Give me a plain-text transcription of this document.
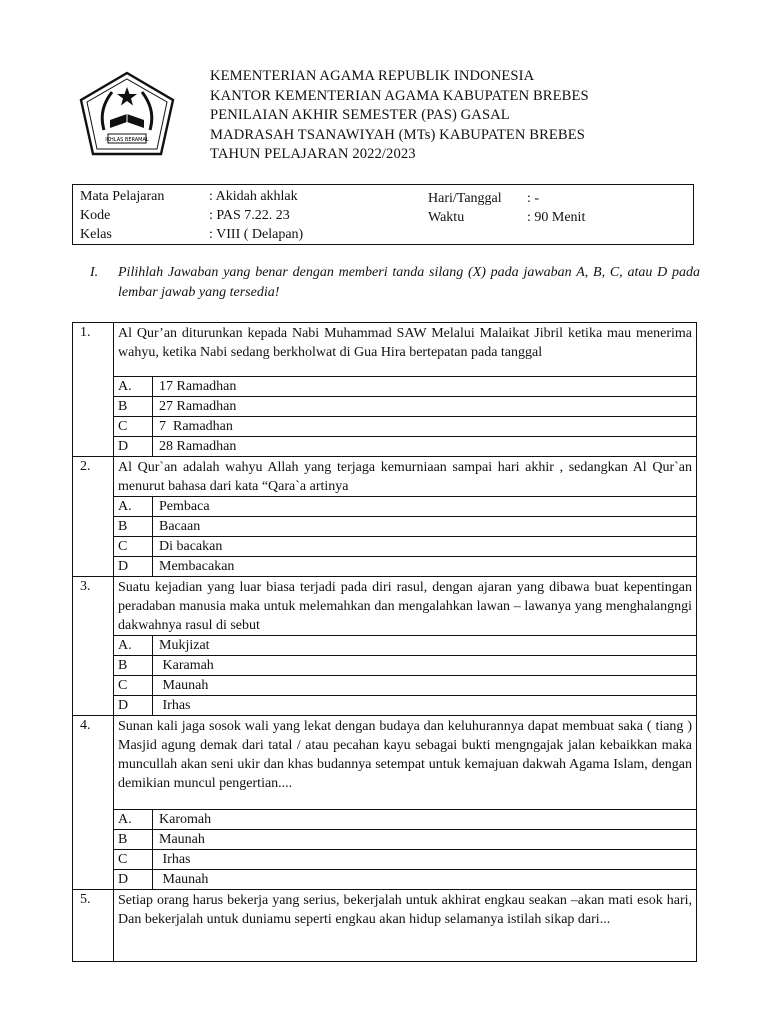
IKHLAS BERAMAL
KEMENTERIAN AGAMA REPUBLIK INDONESIA
KANTOR KEMENTERIAN AGAMA KABUPATEN BREBES
PENILAIAN AKHIR SEMESTER (PAS) GASAL
MADRASAH TSANAWIYAH (MTs) KABUPATEN BREBES
TAHUN PELAJARAN 2022/2023
Mata Pelajaran	: Akidah akhlak
Kode	: PAS 7.22. 23
Kelas	: VIII ( Delapan)
Hari/Tanggal : -
Waktu	: 90 Menit
I. Pilihlah Jawaban yang benar dengan memberi tanda silang (X) pada jawaban A, B, C, atau D pada lembar jawab yang tersedia!
1.	Al Qur’an diturunkan kepada Nabi Muhammad SAW Melalui Malaikat Jibril ketika mau menerima wahyu, ketika Nabi sedang berkholwat di Gua Hira bertepatan pada tanggal	
	A.	17 Ramadhan
	B	27 Ramadhan
	C	7  Ramadhan
	D	28 Ramadhan
2.	Al Qur`an adalah wahyu Allah yang terjaga kemurniaan sampai hari akhir , sedangkan Al Qur`an menurut bahasa dari kata “Qara`a artinya	
	A.	Pembaca
	B	Bacaan
	C	Di bacakan
	D	Membacakan
3.	Suatu kejadian yang luar biasa terjadi pada diri rasul, dengan ajaran yang dibawa buat kepentingan peradaban manusia maka untuk melemahkan dan mengalahkan lawan – lawanya yang menghalangngi dakwahnya rasul di sebut	
	A.	Mukjizat
	B	Karamah
	C	Maunah
	D	Irhas
4.	Sunan kali jaga sosok wali yang lekat dengan budaya dan keluhurannya dapat membuat saka ( tiang ) Masjid agung demak dari tatal / atau pecahan kayu sebagai bukti mengngajak jalan kebaikkan maka muncullah akan seni ukir dan khas budannya setempat untuk kemajuan dakwah Agama Islam, dengan demikian muncul pengertian....	
	A.	Karomah
	B	Maunah
	C	Irhas
	D	Maunah
5.	Setiap orang harus bekerja yang serius, bekerjalah untuk akhirat engkau seakan –akan mati esok hari, Dan bekerjalah untuk duniamu seperti engkau akan hidup selamanya istilah sikap dari...	
